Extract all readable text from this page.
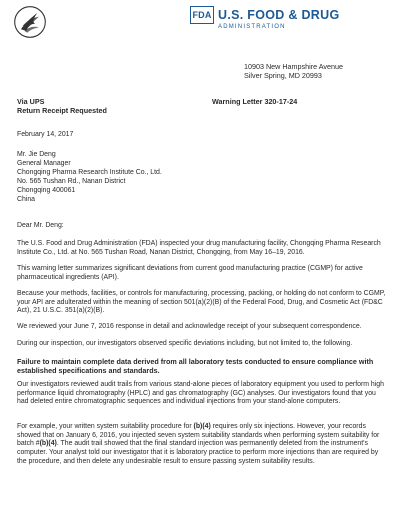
FDA U.S. FOOD & DRUG
ADMINISTRATION
10903 New Hampshire Avenue
Silver Spring, MD 20993
Via UPS
Return Receipt Requested
Warning Letter 320-17-24
February 14, 2017
Mr. Jie Deng
General Manager
Chongqing Pharma Research Institute Co., Ltd.
No. 565 Tushan Rd., Nanan District
Chongqing 400061
China
Dear Mr. Deng:
The U.S. Food and Drug Administration (FDA) inspected your drug manufacturing facility, Chongqing Pharma Research Institute Co., Ltd. at No. 565 Tushan Road, Nanan District, Chongqing, from May 16–19, 2016.
This warning letter summarizes significant deviations from current good manufacturing practice (CGMP) for active pharmaceutical ingredients (API).
Because your methods, facilities, or controls for manufacturing, processing, packing, or holding do not conform to CGMP, your API are adulterated within the meaning of section 501(a)(2)(B) of the Federal Food, Drug, and Cosmetic Act (FD&C Act), 21 U.S.C. 351(a)(2)(B).
We reviewed your June 7, 2016 response in detail and acknowledge receipt of your subsequent correspondence.
During our inspection, our investigators observed specific deviations including, but not limited to, the following.
Failure to maintain complete data derived from all laboratory tests conducted to ensure compliance with established specifications and standards.
Our investigators reviewed audit trails from various stand-alone pieces of laboratory equipment you used to perform high performance liquid chromatography (HPLC) and gas chromatography (GC) analyses. Our investigators found that you had deleted entire chromatographic sequences and individual injections from your stand-alone computers.
For example, your written system suitability procedure for (b)(4) requires only six injections. However, your records showed that on January 6, 2016, you injected seven system suitability standards when performing system suitability for batch #(b)(4). The audit trail showed that the final standard injection was permanently deleted from the instrument's computer. Your analyst told our investigator that it is laboratory practice to perform more injections than are required by the procedure, and then delete any undesirable result to ensure passing system suitability results.
